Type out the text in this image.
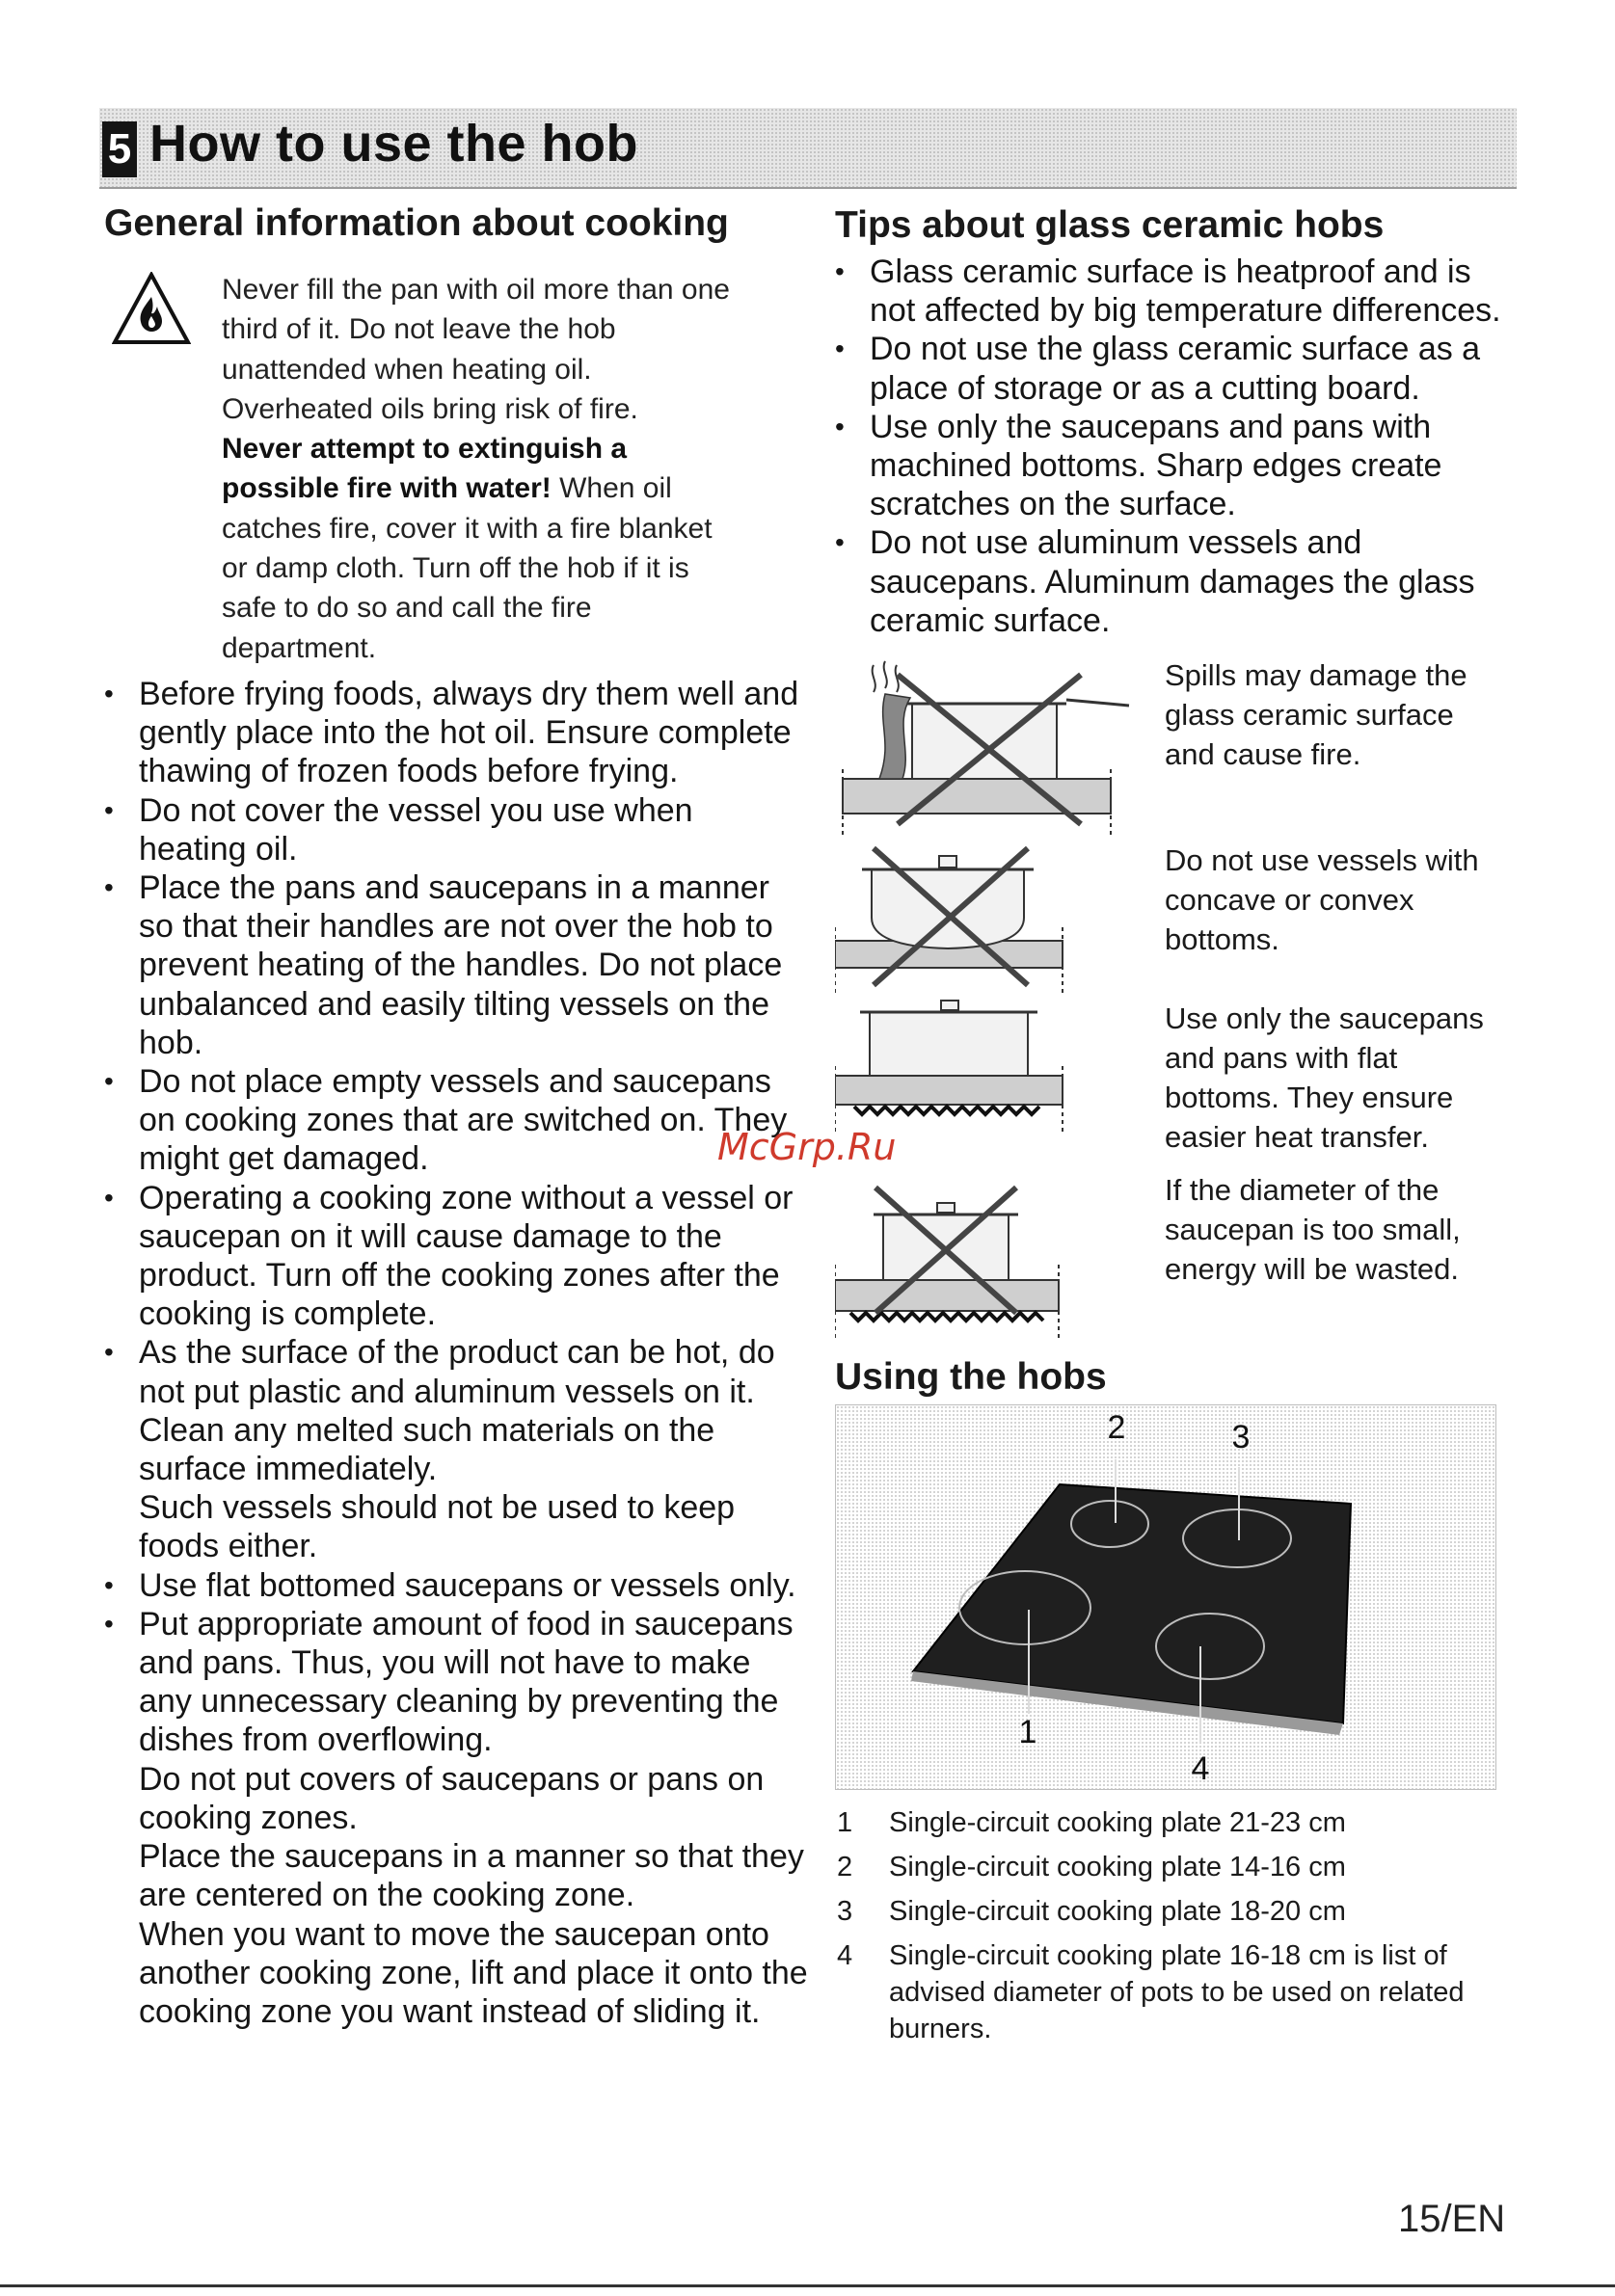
5 How to use the hob
General information about cooking

Never fill the pan with oil more than one third of it. Do not leave the hob unattended when heating oil. Overheated oils bring risk of fire.

Never attempt to extinguish a possible fire with water! When oil catches fire, cover it with a fire blanket or damp cloth. Turn off the hob if it is safe to do so and call the fire department.

• Before frying foods, always dry them well and gently place into the hot oil. Ensure complete thawing of frozen foods before frying.
• Do not cover the vessel you use when heating oil.
• Place the pans and saucepans in a manner so that their handles are not over the hob to prevent heating of the handles. Do not place unbalanced and easily tilting vessels on the hob.
• Do not place empty vessels and saucepans on cooking zones that are switched on. They might get damaged.
• Operating a cooking zone without a vessel or saucepan on it will cause damage to the product. Turn off the cooking zones after the cooking is complete.

• As the surface of the product can be hot, do not put plastic and aluminum vessels on it. Clean any melted such materials on the surface immediately.

Such vessels should not be used to keep foods either.

• Use flat bottomed saucepans or vessels only.

• Put appropriate amount of food in saucepans and pans. Thus, you will not have to make any unnecessary cleaning by preventing the dishes from overflowing.

Do not put covers of saucepans or pans on cooking zones.

Place the saucepans in a manner so that they are centered on the cooking zone.

When you want to move the saucepan onto another cooking zone, lift and place it onto the cooking zone you want instead of sliding it.

Tips about glass ceramic hobs
• Glass ceramic surface is heatproof and is not affected by big temperature differences.
• Do not use the glass ceramic surface as a place of storage or as a cutting board.
• Use only the saucepans and pans with machined bottoms. Sharp edges create scratches on the surface.
• Do not use aluminum vessels and saucepans. Aluminum damages the glass ceramic surface.
Spills may damage the glass ceramic surface and cause fire.
Do not use vessels with concave or convex bottoms.
Use only the saucepans and pans with flat bottoms. They ensure easier heat transfer.
If the diameter of the saucepan is too small, energy will be wasted.
Using the hobs
2	3
1
4
1 Single-circuit cooking plate 21-23 cm
2 Single-circuit cooking plate 14-16 cm
3 Single-circuit cooking plate 18-20 cm
4 Single-circuit cooking plate 16-18 cm is list of advised diameter of pots to be used on related burners.
McGrp.Ru
15/EN
